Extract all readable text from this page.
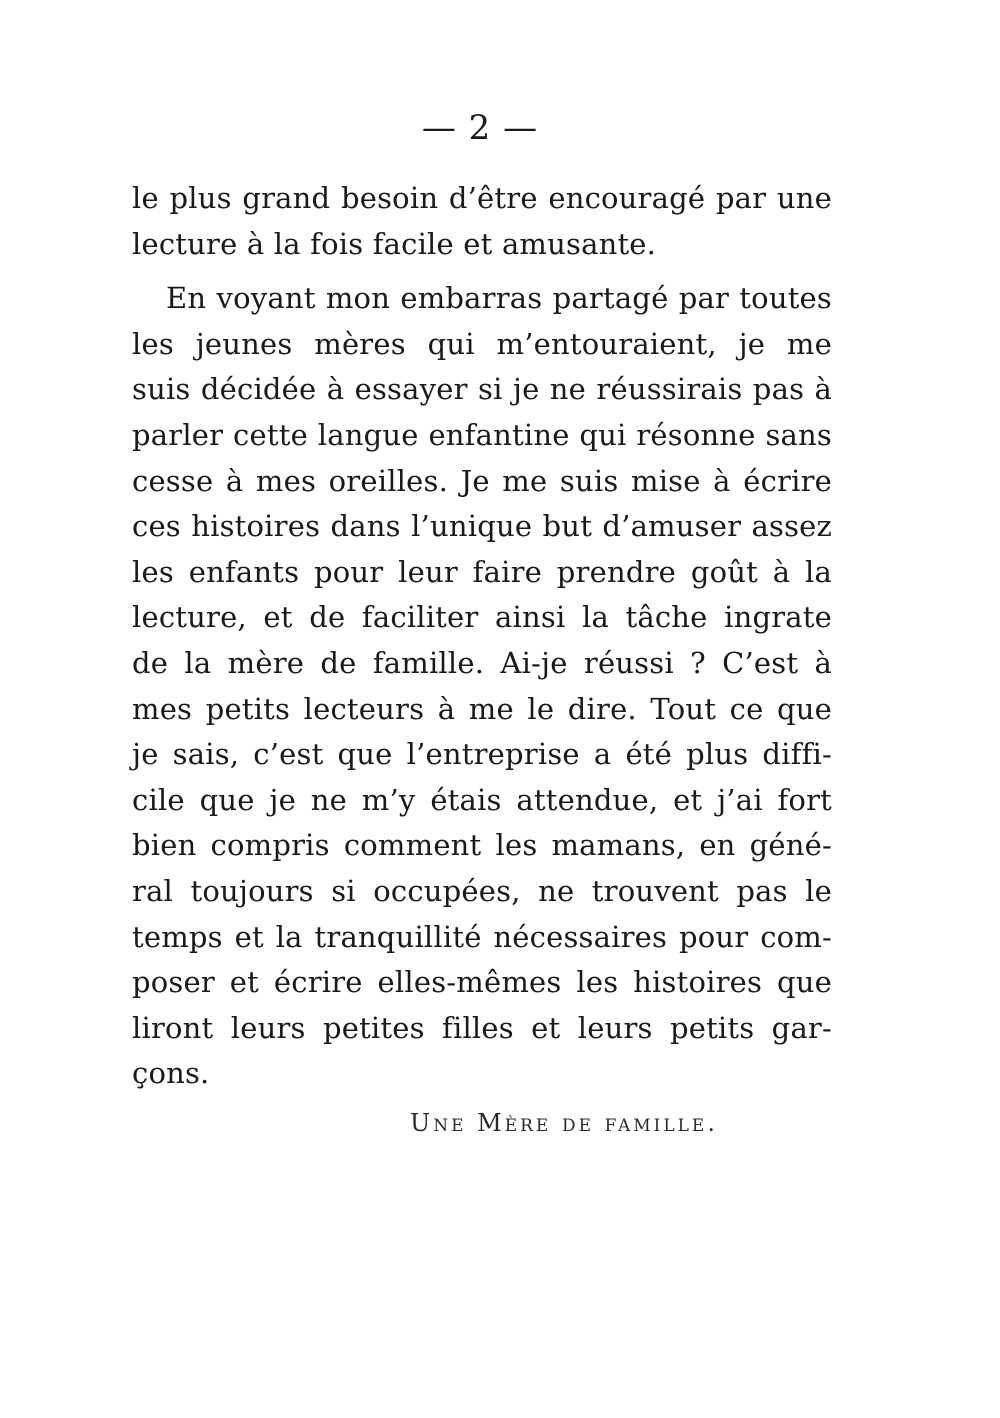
— 2 —
le plus grand besoin d’être encouragé par une
lecture à la fois facile et amusante.
En voyant mon embarras partagé par toutes
les jeunes mères qui m’entouraient, je me
suis décidée à essayer si je ne réussirais pas à
parler cette langue enfantine qui résonne sans
cesse à mes oreilles. Je me suis mise à écrire
ces histoires dans l’unique but d’amuser assez
les enfants pour leur faire prendre goût à la
lecture, et de faciliter ainsi la tâche ingrate
de la mère de famille. Ai-je réussi ? C’est à
mes petits lecteurs à me le dire. Tout ce que
je sais, c’est que l’entreprise a été plus diffi-
cile que je ne m’y étais attendue, et j’ai fort
bien compris comment les mamans, en géné-
ral toujours si occupées, ne trouvent pas le
temps et la tranquillité nécessaires pour com-
poser et écrire elles-mêmes les histoires que
liront leurs petites filles et leurs petits gar-
çons.
Une Mère de famille.
